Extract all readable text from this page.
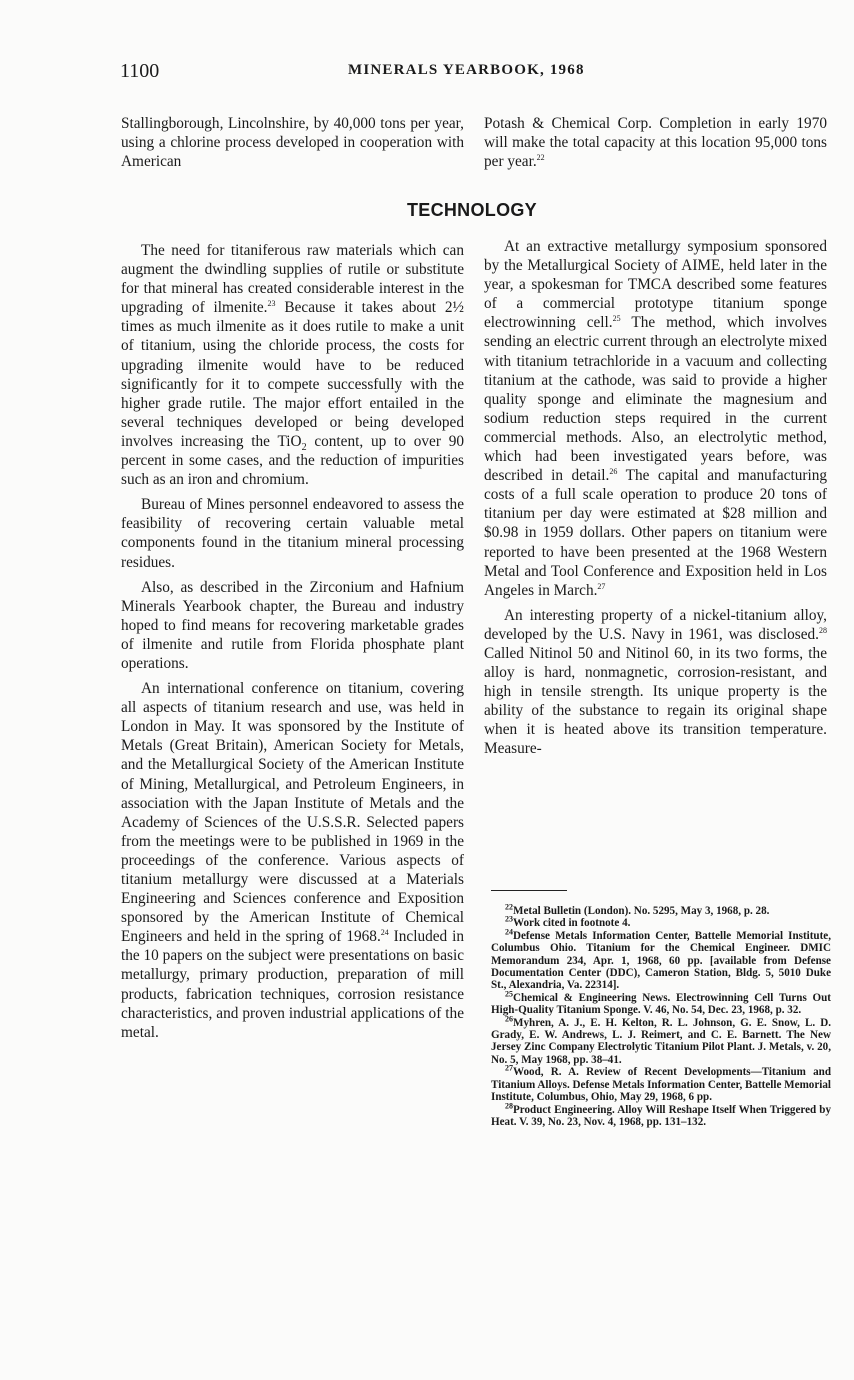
1100	MINERALS YEARBOOK, 1968

Stallingborough, Lincolnshire, by 40,000 tons per year, using a chlorine process developed in cooperation with American

Potash & Chemical Corp. Completion in early 1970 will make the total capacity at this location 95,000 tons per year.$^{22}$

TECHNOLOGY

The need for titaniferous raw materials which can augment the dwindling supplies of rutile or substitute for that mineral has created considerable interest in the upgrading of ilmenite.$^{23}$ Because it takes about 2½ times as much ilmenite as it does rutile to make a unit of titanium, using the chloride process, the costs for upgrading ilmenite would have to be reduced significantly for it to compete successfully with the higher grade rutile. The major effort entailed in the several techniques developed or being developed involves increasing the TiO$_2$ content, up to over 90 percent in some cases, and the reduction of impurities such as an iron and chromium.

Bureau of Mines personnel endeavored to assess the feasibility of recovering certain valuable metal components found in the titanium mineral processing residues.

Also, as described in the Zirconium and Hafnium Minerals Yearbook chapter, the Bureau and industry hoped to find means for recovering marketable grades of ilmenite and rutile from Florida phosphate plant operations.

An international conference on titanium, covering all aspects of titanium research and use, was held in London in May. It was sponsored by the Institute of Metals (Great Britain), American Society for Metals, and the Metallurgical Society of the American Institute of Mining, Metallurgical, and Petroleum Engineers, in association with the Japan Institute of Metals and the Academy of Sciences of the U.S.S.R. Selected papers from the meetings were to be published in 1969 in the proceedings of the conference. Various aspects of titanium metallurgy were discussed at a Materials Engineering and Sciences conference and Exposition sponsored by the American Institute of Chemical Engineers and held in the spring of 1968.24 Included in the 10 papers on the subject were presentations on basic metallurgy, primary production, preparation of mill products, fabrication techniques, corrosion resistance characteristics, and proven industrial applications of the metal.

At an extractive metallurgy symposium sponsored by the Metallurgical Society of AIME, held later in the year, a spokesman for TMCA described some features of a commercial prototype titanium sponge electrowinning cell.$^{25}$ The method, which involves sending an electric current through an electrolyte mixed with titanium tetrachloride in a vacuum and collecting titanium at the cathode, was said to provide a higher quality sponge and eliminate the magnesium and sodium reduction steps required in the current commercial methods. Also, an electrolytic method, which had been investigated years before, was described in detail.$^{26}$ The capital and manufacturing costs of a full scale operation to produce 20 tons of titanium per day were estimated at $28 million and $0.98 in 1959 dollars. Other papers on titanium were reported to have been presented at the 1968 Western Metal and Tool Conference and Exposition held in Los Angeles in March.$^{27}$

An interesting property of a nickel-titanium alloy, developed by the U.S. Navy in 1961, was disclosed.$^{28}$ Called Nitinol 50 and Nitinol 60, in its two forms, the alloy is hard, nonmagnetic, corrosion-resistant, and high in tensile strength. Its unique property is the ability of the substance to regain its original shape when it is heated above its transition temperature. Measure-

$^{22}$Metal Bulletin (London). No. 5295, May 3, 1968, p. 28.

$^{23}$Work cited in footnote 4.

$^{24}$Defense Metals Information Center, Battelle Memorial Institute, Columbus Ohio. Titanium for the Chemical Engineer. DMIC Memorandum 234, Apr. 1, 1968, 60 pp. [available from Defense Documentation Center (DDC), Cameron Station, Bldg. 5, 5010 Duke St., Alexandria, Va. 22314].

$^{25}$Chemical & Engineering News. Electrowinning Cell Turns Out High-Quality Titanium Sponge. V. 46, No. 54, Dec. 23, 1968, p. 32.

$^{26}$Myhren, A. J., E. H. Kelton, R. L. Johnson, G. E. Snow, L. D. Grady, E. W. Andrews, L. J. Reimert, and C. E. Barnett. The New Jersey Zinc Company Electrolytic Titanium Pilot Plant. J. Metals, v. 20, No. 5, May 1968, pp. 38–41.

$^{27}$Wood, R. A. Review of Recent Developments—Titanium and Titanium Alloys. Defense Metals Information Center, Battelle Memorial Institute, Columbus, Ohio, May 29, 1968, 6 pp.

$^{28}$Product Engineering. Alloy Will Reshape Itself When Triggered by Heat. V. 39, No. 23, Nov. 4, 1968, pp. 131–132.
